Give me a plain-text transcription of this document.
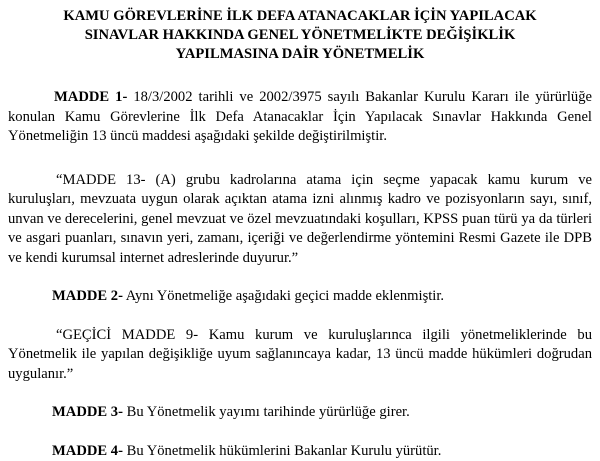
KAMU GÖREVLERİNE İLK DEFA ATANACAKLAR İÇİN YAPILACAK
SINAVLAR HAKKINDA GENEL YÖNETMELİKTE DEĞİŞİKLİK
YAPILMASINA DAİR YÖNETMELİK

MADDE 1- 18/3/2002 tarihli ve 2002/3975 sayılı Bakanlar Kurulu Kararı ile yürürlüğe konulan Kamu Görevlerine İlk Defa Atanacaklar İçin Yapılacak Sınavlar Hakkında Genel Yönetmeliğin 13 üncü maddesi aşağıdaki şekilde değiştirilmiştir.

“MADDE 13- (A) grubu kadrolarına atama için seçme yapacak kamu kurum ve kuruluşları, mevzuata uygun olarak açıktan atama izni alınmış kadro ve pozisyonların sayı, sınıf, unvan ve derecelerini, genel mevzuat ve özel mevzuatındaki koşulları, KPSS puan türü ya da türleri ve asgari puanları, sınavın yeri, zamanı, içeriği ve değerlendirme yöntemini Resmi Gazete ile DPB ve kendi kurumsal internet adreslerinde duyurur.”

MADDE 2- Aynı Yönetmeliğe aşağıdaki geçici madde eklenmiştir.

“GEÇİCİ MADDE 9- Kamu kurum ve kuruluşlarınca ilgili yönetmeliklerinde bu Yönetmelik ile yapılan değişikliğe uyum sağlanıncaya kadar, 13 üncü madde hükümleri doğrudan uygulanır.”

MADDE 3- Bu Yönetmelik yayımı tarihinde yürürlüğe girer.

MADDE 4- Bu Yönetmelik hükümlerini Bakanlar Kurulu yürütür.
